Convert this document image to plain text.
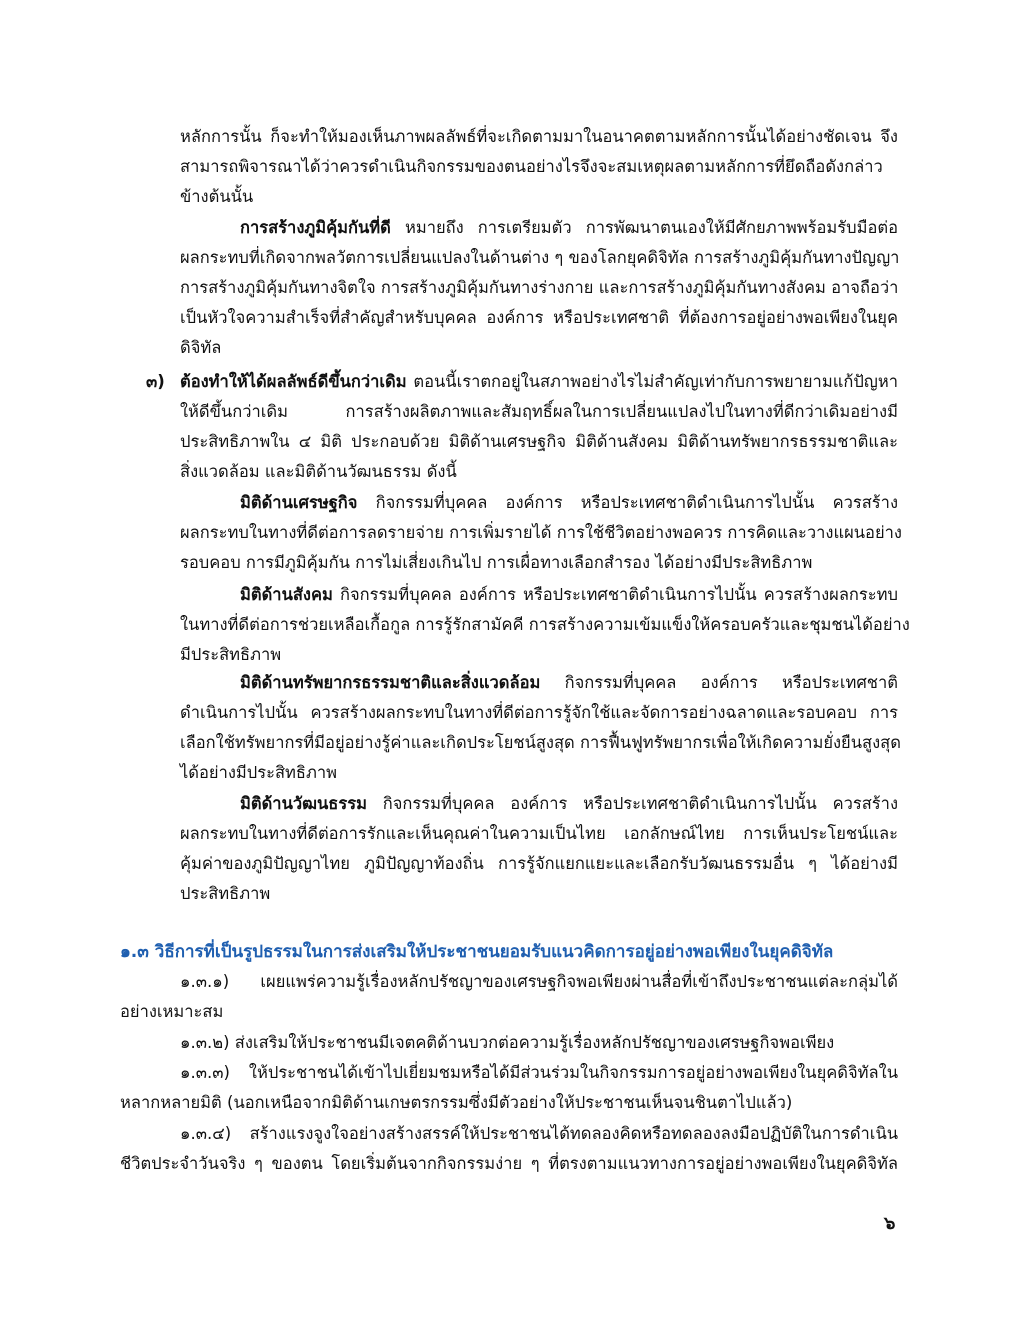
หลักการนั้น ก็จะทำให้มองเห็นภาพผลลัพธ์ที่จะเกิดตามมาในอนาคตตามหลักการนั้นได้อย่างชัดเจน จึง
สามารถพิจารณาได้ว่าควรดำเนินกิจกรรมของตนอย่างไรจึงจะสมเหตุผลตามหลักการที่ยึดถือดังกล่าว
ข้างต้นนั้น
การสร้างภูมิคุ้มกันที่ดี หมายถึง การเตรียมตัว การพัฒนาตนเองให้มีศักยภาพพร้อมรับมือต่อ
ผลกระทบที่เกิดจากพลวัตการเปลี่ยนแปลงในด้านต่าง ๆ ของโลกยุคดิจิทัล การสร้างภูมิคุ้มกันทางปัญญา
การสร้างภูมิคุ้มกันทางจิตใจ การสร้างภูมิคุ้มกันทางร่างกาย และการสร้างภูมิคุ้มกันทางสังคม อาจถือว่า
เป็นหัวใจความสำเร็จที่สำคัญสำหรับบุคคล องค์การ หรือประเทศชาติ ที่ต้องการอยู่อย่างพอเพียงในยุค
ดิจิทัล
๓) ต้องทำให้ได้ผลลัพธ์ดีขึ้นกว่าเดิม ตอนนี้เราตกอยู่ในสภาพอย่างไรไม่สำคัญเท่ากับการพยายามแก้ปัญหา
ให้ดีขึ้นกว่าเดิม การสร้างผลิตภาพและสัมฤทธิ์ผลในการเปลี่ยนแปลงไปในทางที่ดีกว่าเดิมอย่างมี
ประสิทธิภาพใน ๔ มิติ ประกอบด้วย มิติด้านเศรษฐกิจ มิติด้านสังคม มิติด้านทรัพยากรธรรมชาติและ
สิ่งแวดล้อม และมิติด้านวัฒนธรรม ดังนี้
มิติด้านเศรษฐกิจ กิจกรรมที่บุคคล องค์การ หรือประเทศชาติดำเนินการไปนั้น ควรสร้าง
ผลกระทบในทางที่ดีต่อการลดรายจ่าย การเพิ่มรายได้ การใช้ชีวิตอย่างพอควร การคิดและวางแผนอย่าง
รอบคอบ การมีภูมิคุ้มกัน การไม่เสี่ยงเกินไป การเผื่อทางเลือกสำรอง ได้อย่างมีประสิทธิภาพ
มิติด้านสังคม กิจกรรมที่บุคคล องค์การ หรือประเทศชาติดำเนินการไปนั้น ควรสร้างผลกระทบ
ในทางที่ดีต่อการช่วยเหลือเกื้อกูล การรู้รักสามัคคี การสร้างความเข้มแข็งให้ครอบครัวและชุมชนได้อย่าง
มีประสิทธิภาพ
มิติด้านทรัพยากรธรรมชาติและสิ่งแวดล้อม กิจกรรมที่บุคคล องค์การ หรือประเทศชาติ
ดำเนินการไปนั้น ควรสร้างผลกระทบในทางที่ดีต่อการรู้จักใช้และจัดการอย่างฉลาดและรอบคอบ การ
เลือกใช้ทรัพยากรที่มีอยู่อย่างรู้ค่าและเกิดประโยชน์สูงสุด การฟื้นฟูทรัพยากรเพื่อให้เกิดความยั่งยืนสูงสุด
ได้อย่างมีประสิทธิภาพ
มิติด้านวัฒนธรรม กิจกรรมที่บุคคล องค์การ หรือประเทศชาติดำเนินการไปนั้น ควรสร้าง
ผลกระทบในทางที่ดีต่อการรักและเห็นคุณค่าในความเป็นไทย เอกลักษณ์ไทย การเห็นประโยชน์และ
คุ้มค่าของภูมิปัญญาไทย ภูมิปัญญาท้องถิ่น การรู้จักแยกแยะและเลือกรับวัฒนธรรมอื่น ๆ ได้อย่างมี
ประสิทธิภาพ
๑.๓ วิธีการที่เป็นรูปธรรมในการส่งเสริมให้ประชาชนยอมรับแนวคิดการอยู่อย่างพอเพียงในยุคดิจิทัล
๑.๓.๑) เผยแพร่ความรู้เรื่องหลักปรัชญาของเศรษฐกิจพอเพียงผ่านสื่อที่เข้าถึงประชาชนแต่ละกลุ่มได้
อย่างเหมาะสม
๑.๓.๒) ส่งเสริมให้ประชาชนมีเจตคติด้านบวกต่อความรู้เรื่องหลักปรัชญาของเศรษฐกิจพอเพียง
๑.๓.๓) ให้ประชาชนได้เข้าไปเยี่ยมชมหรือได้มีส่วนร่วมในกิจกรรมการอยู่อย่างพอเพียงในยุคดิจิทัลใน
หลากหลายมิติ (นอกเหนือจากมิติด้านเกษตรกรรมซึ่งมีตัวอย่างให้ประชาชนเห็นจนชินตาไปแล้ว)
๑.๓.๔) สร้างแรงจูงใจอย่างสร้างสรรค์ให้ประชาชนได้ทดลองคิดหรือทดลองลงมือปฏิบัติในการดำเนิน
ชีวิตประจำวันจริง ๆ ของตน โดยเริ่มต้นจากกิจกรรมง่าย ๆ ที่ตรงตามแนวทางการอยู่อย่างพอเพียงในยุคดิจิทัล
๖
